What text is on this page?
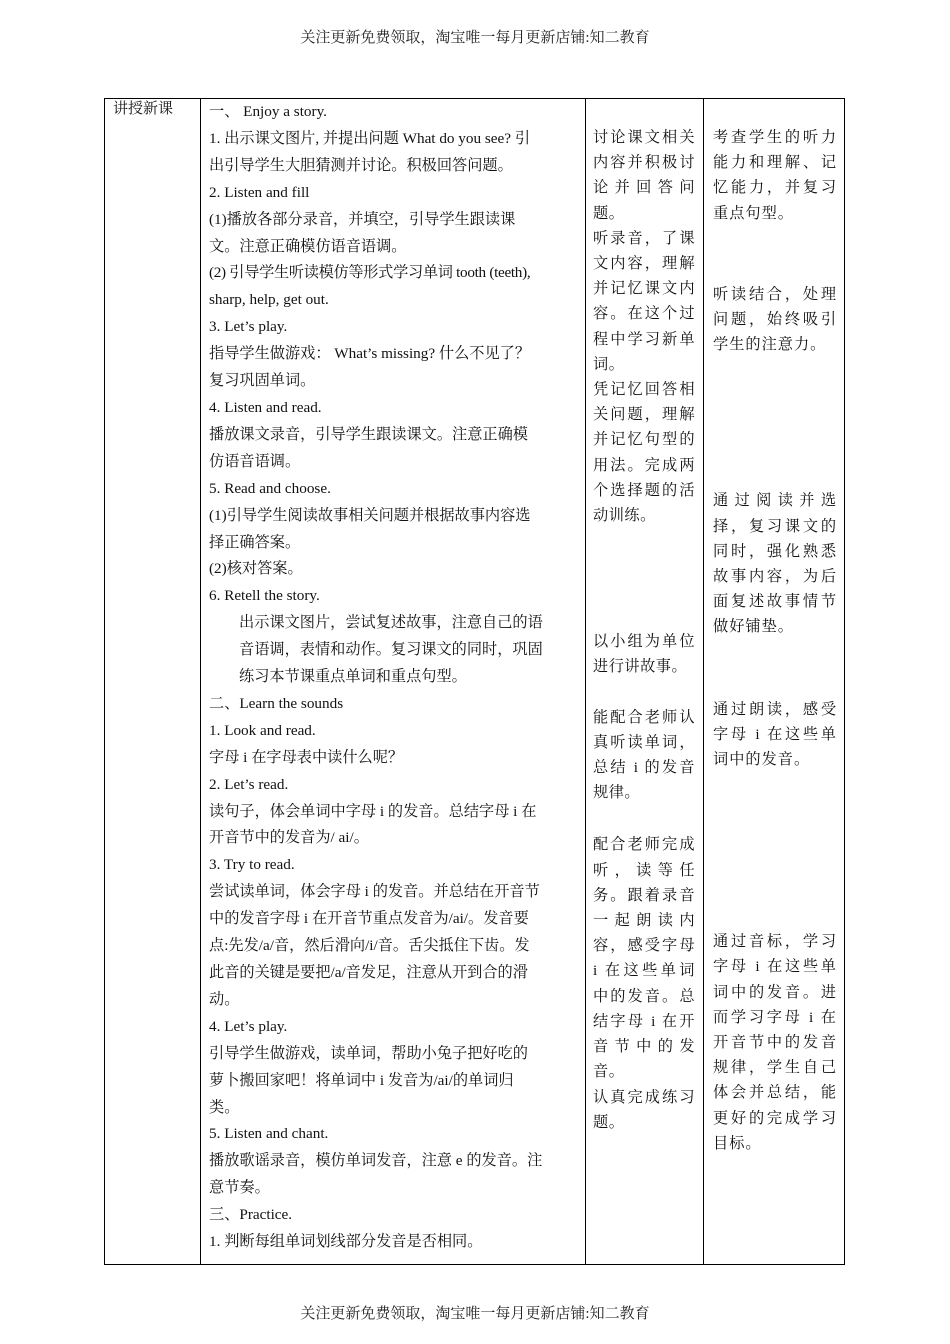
关注更新免费领取，淘宝唯一每月更新店铺:知二教育
讲授新课	一、 Enjoy a story.

1. 出示课文图片, 并提出问题 What do you see? 引

出引导学生大胆猜测并讨论。积极回答问题。

2. Listen and fill

(1)播放各部分录音，并填空，引导学生跟读课

文。注意正确模仿语音语调。

(2) 引导学生听读模仿等形式学习单词 tooth (teeth),

sharp, help, get out.

3. Let’s play.

指导学生做游戏： What’s missing? 什么不见了？

复习巩固单词。

4. Listen and read.

播放课文录音，引导学生跟读课文。注意正确模

仿语音语调。

5. Read and choose.

(1)引导学生阅读故事相关问题并根据故事内容选

择正确答案。

(2)核对答案。

6. Retell the story.

出示课文图片，尝试复述故事，注意自己的语

音语调，表情和动作。复习课文的同时，巩固

练习本节课重点单词和重点句型。

二、Learn the sounds

1. Look and read.

字母 i 在字母表中读什么呢？

2. Let’s read.

读句子，体会单词中字母 i 的发音。总结字母 i 在

开音节中的发音为/ ai/。

3. Try to read.

尝试读单词，体会字母 i 的发音。并总结在开音节

中的发音字母 i 在开音节重点发音为/ai/。发音要

点:先发/a/音，然后滑向/i/音。舌尖抵住下齿。发

此音的关键是要把/a/音发足，注意从开到合的滑

动。

4. Let’s play.

引导学生做游戏，读单词，帮助小兔子把好吃的

萝卜搬回家吧！将单词中 i 发音为/ai/的单词归

类。

5. Listen and chant.

播放歌谣录音，模仿单词发音，注意 e 的发音。注

意节奏。

三、Practice.

1. 判断每组单词划线部分发音是否相同。

讨论课文相关内容并积极讨论并回答问题。

听录音，了课文内容，理解并记忆课文内容。在这个过程中学习新单词。

凭记忆回答相关问题，理解并记忆句型的用法。完成两个选择题的活动训练。

以小组为单位进行讲故事。

能配合老师认真听读单词，总结 i 的发音规律。

配合老师完成听，读等任务。跟着录音一起朗读内容，感受字母 i 在这些单词中的发音。总结字母 i 在开音节中的发音。

认真完成练习题。

考查学生的听力能力和理解、记忆能力，并复习重点句型。

听读结合，处理问题，始终吸引学生的注意力。

通过阅读并选择，复习课文的同时，强化熟悉故事内容，为后面复述故事情节做好铺垫。

通过朗读，感受字母 i 在这些单词中的发音。

通过音标，学习字母 i 在这些单词中的发音。进而学习字母 i 在开音节中的发音规律，学生自己体会并总结，能更好的完成学习目标。

关注更新免费领取，淘宝唯一每月更新店铺:知二教育
